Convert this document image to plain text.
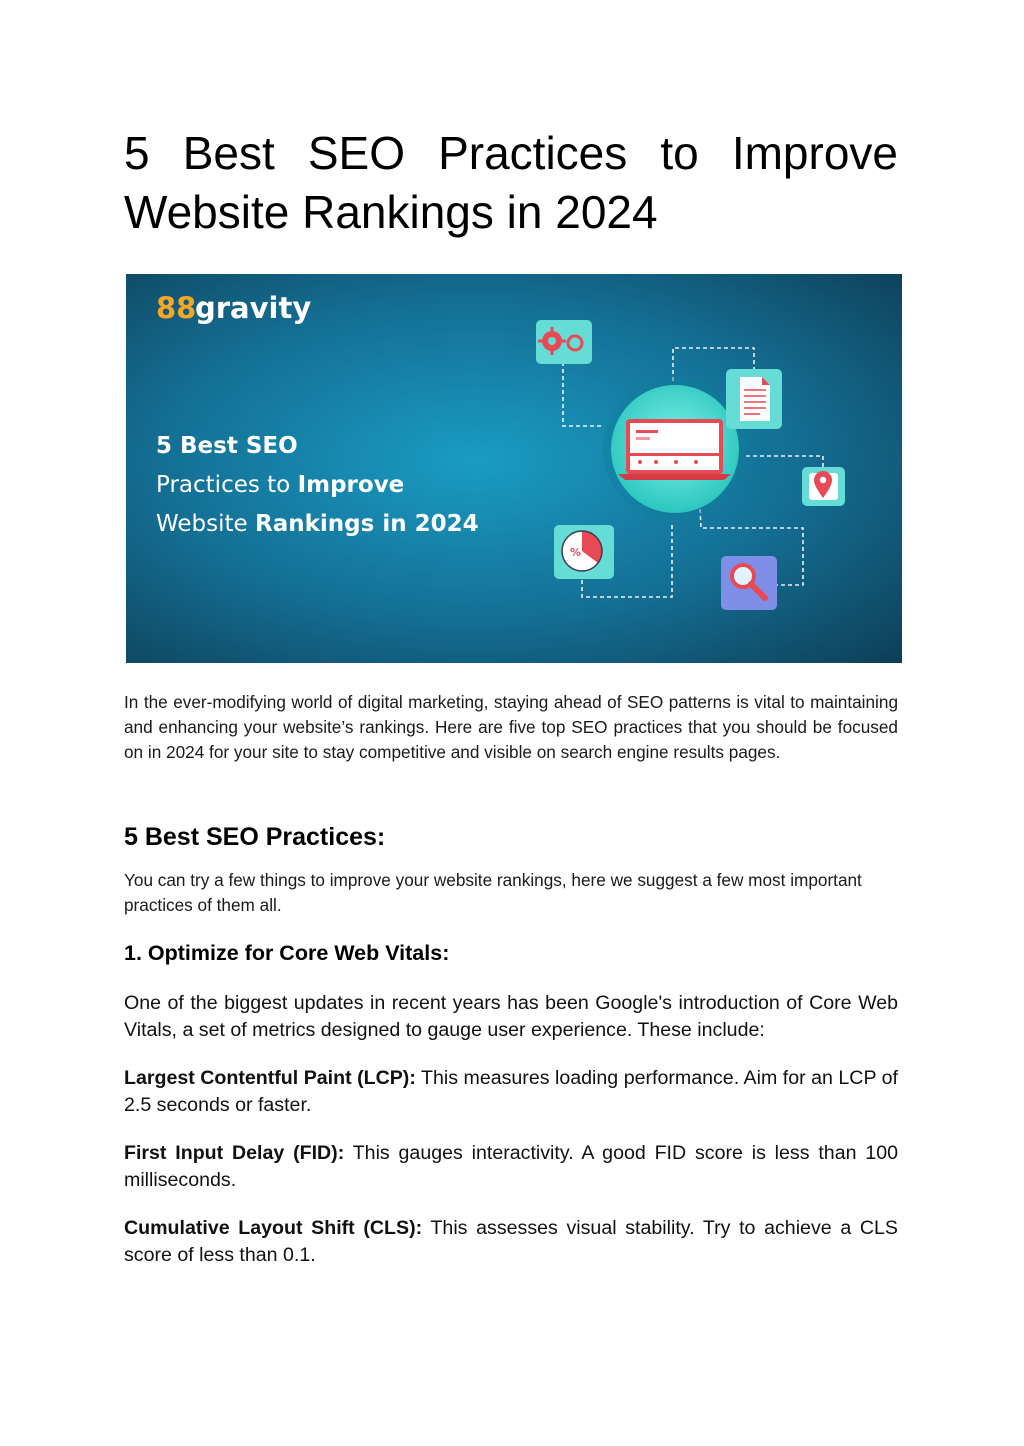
5 Best SEO Practices to Improve Website Rankings in 2024
88
gravity
5 Best SEO
Practices to Improve
Website Rankings in 2024
%

In the ever-modifying world of digital marketing, staying ahead of SEO patterns is vital to maintaining and enhancing your website’s rankings. Here are five top SEO practices that you should be focused on in 2024 for your site to stay competitive and visible on search engine results pages.

5 Best SEO Practices:

You can try a few things to improve your website rankings, here we suggest a few most important practices of them all.

1. Optimize for Core Web Vitals:

One of the biggest updates in recent years has been Google's introduction of Core Web Vitals, a set of metrics designed to gauge user experience. These include:

Largest Contentful Paint (LCP): This measures loading performance. Aim for an LCP of 2.5 seconds or faster.

First Input Delay (FID): This gauges interactivity. A good FID score is less than 100 milliseconds.

Cumulative Layout Shift (CLS): This assesses visual stability. Try to achieve a CLS score of less than 0.1.
